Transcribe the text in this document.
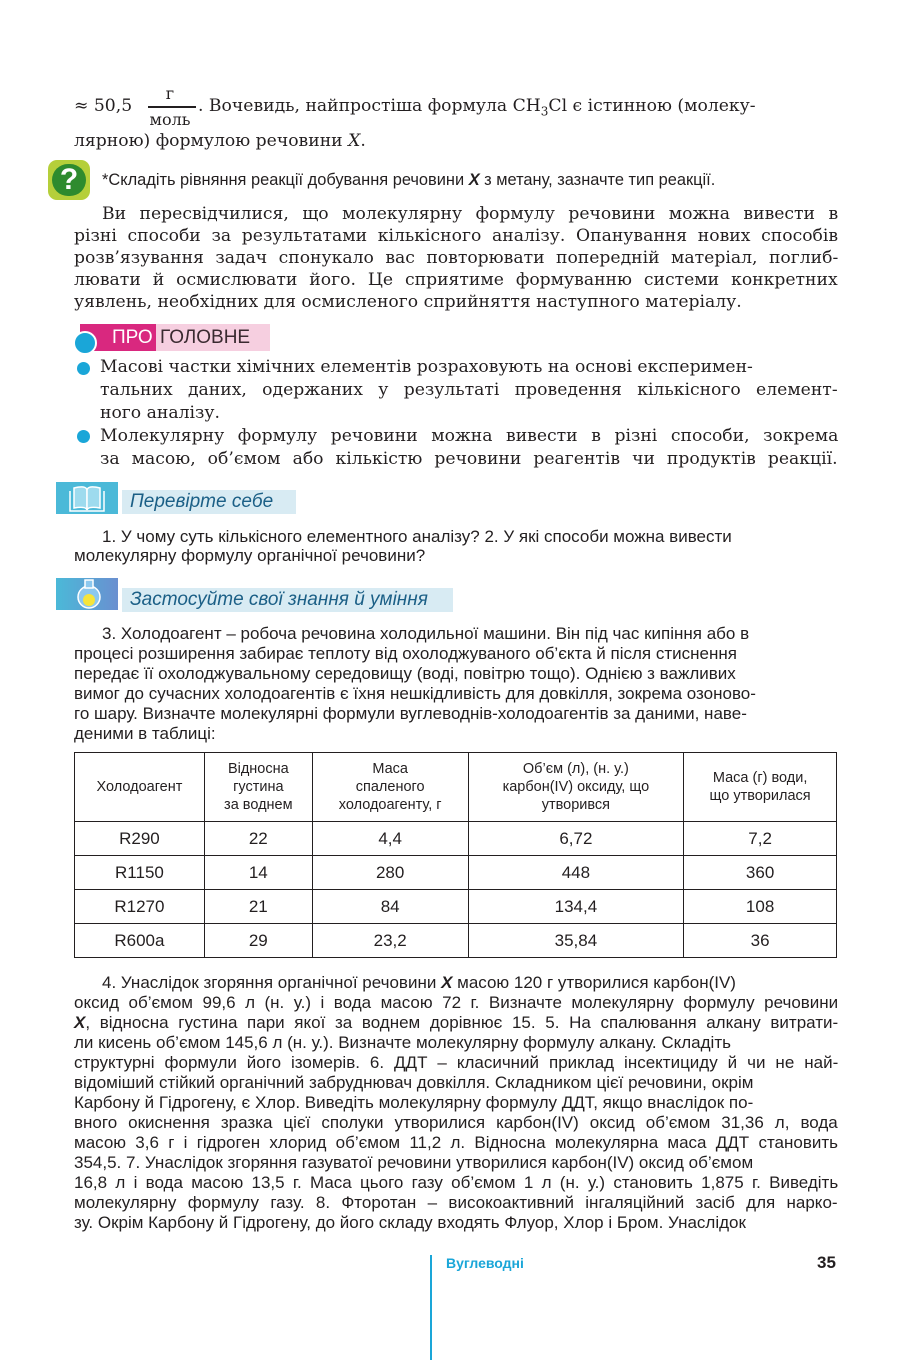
≈ 50,5
г
моль
. Вочевидь, найпростіша формула $CH_3Cl$ є істинною (молеку-
лярною) формулою речовини X.
?	*Складіть рівняння реакції добування речовини X з метану, зазначте тип реакції.
Ви пересвідчилися, що молекулярну формулу речовини можна вивести в
різні способи за результатами кількісного аналізу. Опанування нових способів
розв’язування задач спонукало вас повторювати попередній матеріал, поглиб-
лювати й осмислювати його. Це сприятиме формуванню системи конкретних
уявлень, необхідних для осмисленого сприйняття наступного матеріалу.
ПРО ГОЛОВНЕ
Масові частки хімічних елементів розраховують на основі експеримен-
тальних даних, одержаних у результаті проведення кількісного елемент-
ного аналізу.
Молекулярну формулу речовини можна вивести в різні способи, зокрема
за масою, об’ємом або кількістю речовини реагентів чи продуктів реакції.
Перевірте себе
1. У чому суть кількісного елементного аналізу? 2. У які способи можна вивести
молекулярну формулу органічної речовини?
Застосуйте свої знання й уміння
3. Холодоагент – робоча речовина холодильної машини. Він під час кипіння або в
процесі розширення забирає теплоту від охолоджуваного об’єкта й після стиснення
передає її охолоджувальному середовищу (воді, повітрю тощо). Однією з важливих
вимог до сучасних холодоагентів є їхня нешкідливість для довкілля, зокрема озоново-
го шару. Визначте молекулярні формули вуглеводнів-холодоагентів за даними, наве-
деними в таблиці:
Холодоагент	Відносна
густина
за воднем	Маса
спаленого
холодоагенту, г	Об’єм (л), (н. у.)
карбон(IV) оксиду, що
утворився	Маса (г) води,
що утворилася
R290	22	4,4	6,72	7,2
R1150	14	280	448	360
R1270	21	84	134,4	108
R600a	29	23,2	35,84	36
4. Унаслідок згоряння органічної речовини X масою 120 г утворилися карбон(IV)
оксид об’ємом 99,6 л (н. у.) і вода масою 72 г. Визначте молекулярну формулу речовини
X, відносна густина пари якої за воднем дорівнює 15. 5. На спалювання алкану витрати-
ли кисень об’ємом 145,6 л (н. у.). Визначте молекулярну формулу алкану. Складіть
структурні формули його ізомерів. 6. ДДТ – класичний приклад інсектициду й чи не най-
відоміший стійкий органічний забруднювач довкілля. Складником цієї речовини, окрім
Карбону й Гідрогену, є Хлор. Виведіть молекулярну формулу ДДТ, якщо внаслідок по-
вного окиснення зразка цієї сполуки утворилися карбон(IV) оксид об’ємом 31,36 л, вода
масою 3,6 г і гідроген хлорид об’ємом 11,2 л. Відносна молекулярна маса ДДТ становить
354,5. 7. Унаслідок згоряння газуватої речовини утворилися карбон(IV) оксид об’ємом
16,8 л і вода масою 13,5 г. Маса цього газу об’ємом 1 л (н. у.) становить 1,875 г. Виведіть
молекулярну формулу газу. 8. Фторотан – високоактивний інгаляційний засіб для нарко-
зу. Окрім Карбону й Гідрогену, до його складу входять Флуор, Хлор і Бром. Унаслідок
Вуглеводні	35
